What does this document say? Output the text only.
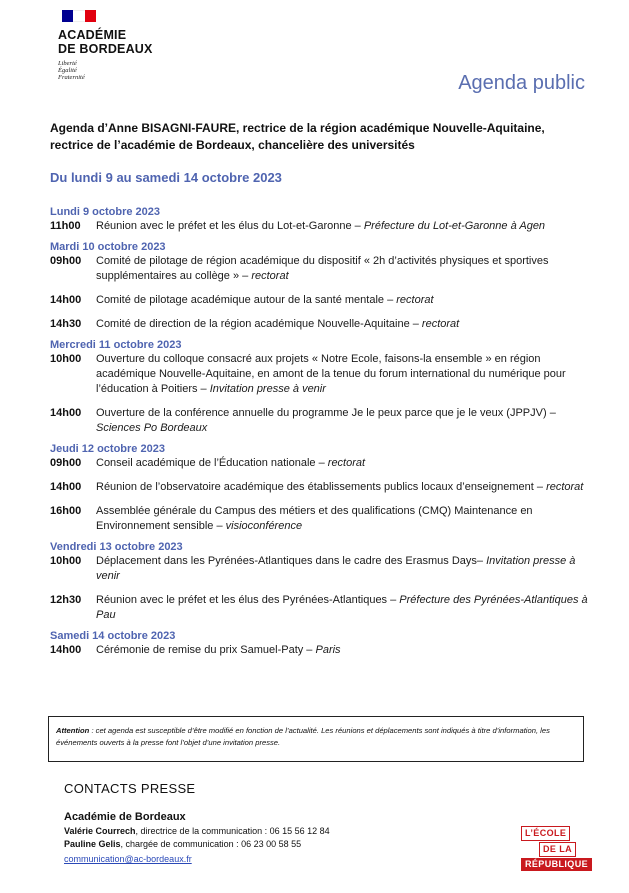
ACADÉMIE
DE BORDEAUX
Liberté
Égalité
Fraternité	Agenda public
Agenda d’Anne BISAGNI-FAURE, rectrice de la région académique Nouvelle-Aquitaine, rectrice de l’académie de Bordeaux, chancelière des universités
Du lundi 9 au samedi 14 octobre 2023
Lundi 9 octobre 2023
11h00	Réunion avec le préfet et les élus du Lot-et-Garonne – Préfecture du Lot-et-Garonne à Agen
Mardi 10 octobre 2023
09h00	Comité de pilotage de région académique du dispositif « 2h d’activités physiques et sportives supplémentaires au collège » – rectorat
14h00	Comité de pilotage académique autour de la santé mentale – rectorat
14h30	Comité de direction de la région académique Nouvelle-Aquitaine – rectorat
Mercredi 11 octobre 2023
10h00	Ouverture du colloque consacré aux projets « Notre Ecole, faisons-la ensemble » en région académique Nouvelle-Aquitaine, en amont de la tenue du forum international du numérique pour l’éducation à Poitiers – Invitation presse à venir
14h00	Ouverture de la conférence annuelle du programme Je le peux parce que je le veux (JPPJV) – Sciences Po Bordeaux
Jeudi 12 octobre 2023
09h00	Conseil académique de l’Éducation nationale – rectorat
14h00	Réunion de l’observatoire académique des établissements publics locaux d’enseignement – rectorat
16h00	Assemblée générale du Campus des métiers et des qualifications (CMQ) Maintenance en Environnement sensible – visioconférence
Vendredi 13 octobre 2023
10h00	Déplacement dans les Pyrénées-Atlantiques dans le cadre des Erasmus Days– Invitation presse à venir
12h30	Réunion avec le préfet et les élus des Pyrénées-Atlantiques – Préfecture des Pyrénées-Atlantiques à Pau
Samedi 14 octobre 2023
14h00	Cérémonie de remise du prix Samuel-Paty – Paris
Attention : cet agenda est susceptible d’être modifié en fonction de l’actualité. Les réunions et déplacements sont indiqués à titre d’information, les événements ouverts à la presse font l’objet d’une invitation presse.
CONTACTS PRESSE
Académie de Bordeaux
Valérie Courrech, directrice de la communication : 06 15 56 12 84
Pauline Gelis, chargée de communication : 06 23 00 58 55
communication@ac-bordeaux.fr
L’ÉCOLE
DE LA
RÉPUBLIQUE
